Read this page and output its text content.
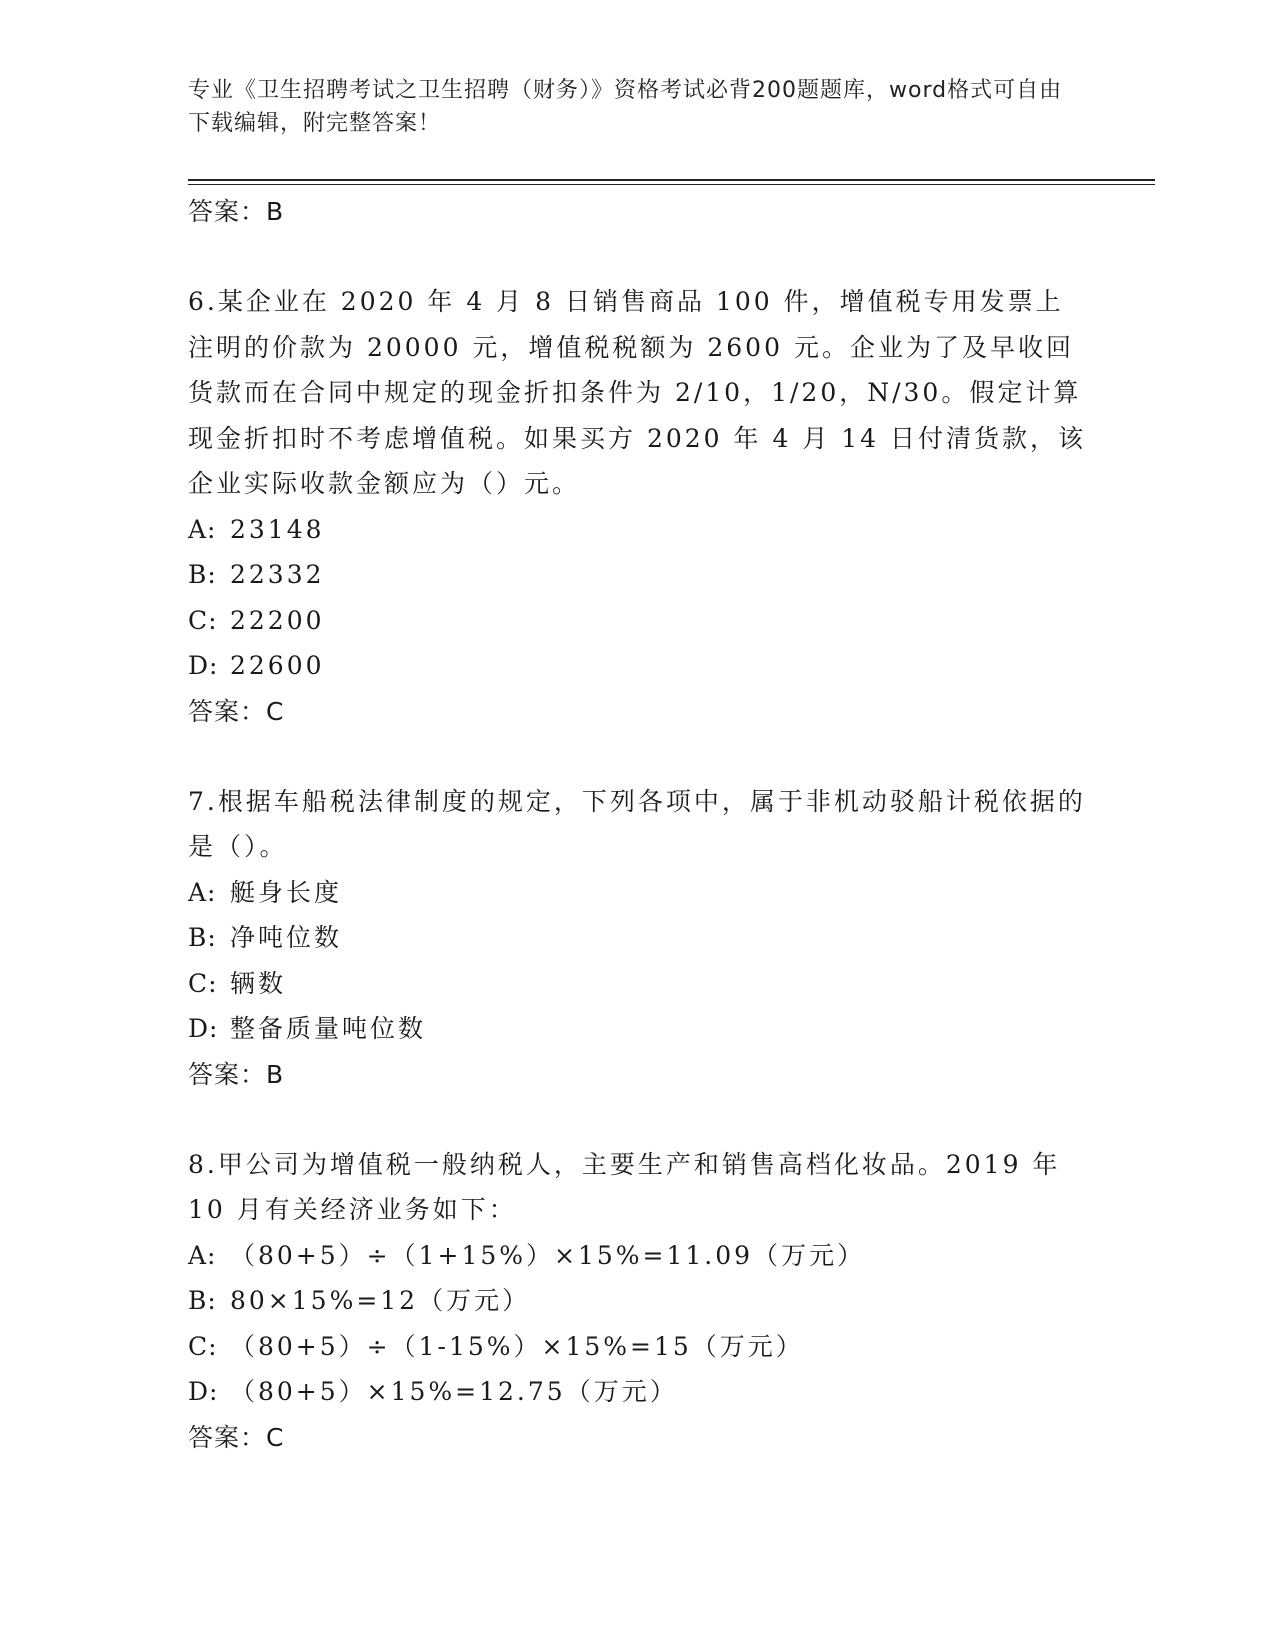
专业《卫生招聘考试之卫生招聘（财务）》资格考试必背200题题库，word格式可自由下载编辑，附完整答案！

答案：B

6.某企业在 2020 年 4 月 8 日销售商品 100 件，增值税专用发票上注明的价款为 20000 元，增值税税额为 2600 元。企业为了及早收回货款而在合同中规定的现金折扣条件为 2/10，1/20，N/30。假定计算现金折扣时不考虑增值税。如果买方 2020 年 4 月 14 日付清货款，该企业实际收款金额应为（）元。

A: 23148
B: 22332
C: 22200
D: 22600

答案：C

7.根据车船税法律制度的规定，下列各项中，属于非机动驳船计税依据的是（）。

A: 艇身长度
B: 净吨位数
C: 辆数
D: 整备质量吨位数

答案：B

8.甲公司为增值税一般纳税人，主要生产和销售高档化妆品。2019 年 10 月有关经济业务如下：

A: （80+5）÷（1+15%）×15%=11.09（万元）
B: 80×15%=12（万元）
C: （80+5）÷（1-15%）×15%=15（万元）
D: （80+5）×15%=12.75（万元）

答案：C
